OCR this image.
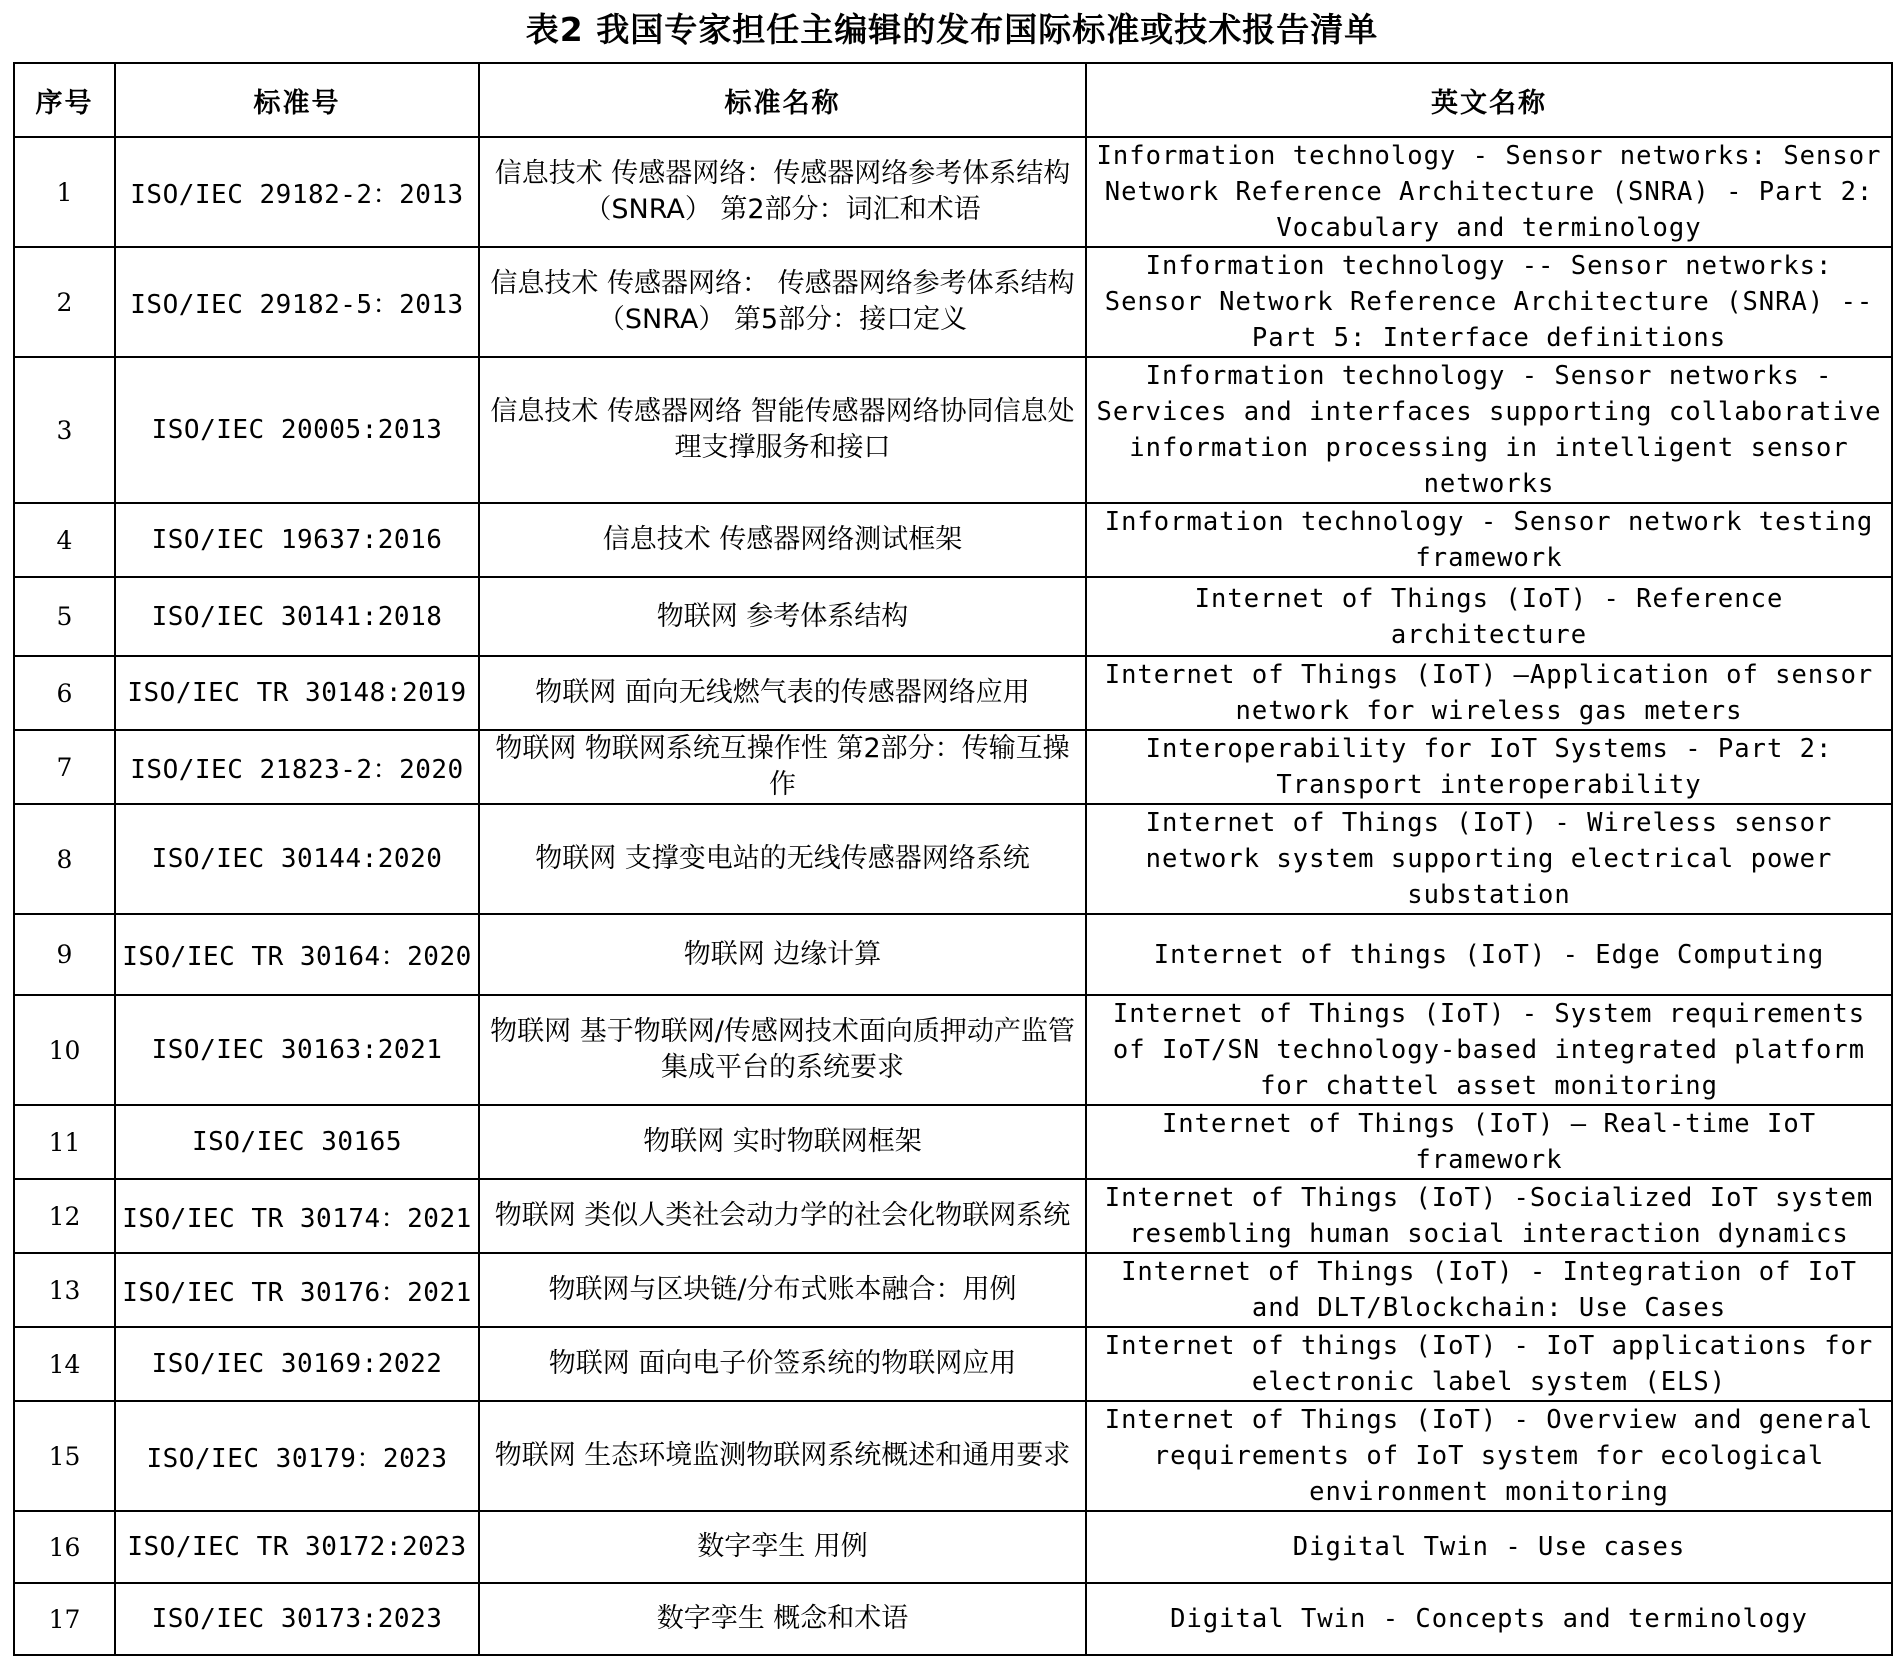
表2 我国专家担任主编辑的发布国际标准或技术报告清单
序号	标准号	标准名称	英文名称
1	ISO/IEC 29182-2：2013	信息技术 传感器网络：传感器网络参考体系结构（SNRA） 第2部分：词汇和术语	Information technology - Sensor networks: Sensor Network Reference Architecture (SNRA) - Part 2: Vocabulary and terminology
2	ISO/IEC 29182-5：2013	信息技术 传感器网络： 传感器网络参考体系结构（SNRA） 第5部分：接口定义	Information technology -- Sensor networks: Sensor Network Reference Architecture (SNRA) -- Part 5: Interface definitions
3	ISO/IEC 20005:2013	信息技术 传感器网络 智能传感器网络协同信息处理支撑服务和接口	Information technology - Sensor networks - Services and interfaces supporting collaborative information processing in intelligent sensor networks
4	ISO/IEC 19637:2016	信息技术 传感器网络测试框架	Information technology - Sensor network testing framework
5	ISO/IEC 30141:2018	物联网 参考体系结构	Internet of Things (IoT) - Reference architecture
6	ISO/IEC TR 30148:2019	物联网 面向无线燃气表的传感器网络应用	Internet of Things (IoT) —Application of sensor network for wireless gas meters
7	ISO/IEC 21823-2：2020	物联网 物联网系统互操作性 第2部分：传输互操作	Interoperability for IoT Systems - Part 2: Transport interoperability
8	ISO/IEC 30144:2020	物联网 支撑变电站的无线传感器网络系统	Internet of Things (IoT) - Wireless sensor network system supporting electrical power substation
9	ISO/IEC TR 30164：2020	物联网 边缘计算	Internet of things (IoT) - Edge Computing
10	ISO/IEC 30163:2021	物联网 基于物联网/传感网技术面向质押动产监管集成平台的系统要求	Internet of Things (IoT) - System requirements of IoT/SN technology-based integrated platform for chattel asset monitoring
11	ISO/IEC 30165	物联网 实时物联网框架	Internet of Things (IoT) — Real-time IoT framework
12	ISO/IEC TR 30174：2021	物联网 类似人类社会动力学的社会化物联网系统	Internet of Things (IoT) -Socialized IoT system resembling human social interaction dynamics
13	ISO/IEC TR 30176：2021	物联网与区块链/分布式账本融合：用例	Internet of Things (IoT) - Integration of IoT and DLT/Blockchain: Use Cases
14	ISO/IEC 30169:2022	物联网 面向电子价签系统的物联网应用	Internet of things (IoT) - IoT applications for electronic label system (ELS)
15	ISO/IEC 30179：2023	物联网 生态环境监测物联网系统概述和通用要求	Internet of Things (IoT) - Overview and general requirements of IoT system for ecological environment monitoring
16	ISO/IEC TR 30172:2023	数字孪生 用例	Digital Twin - Use cases
17	ISO/IEC 30173:2023	数字孪生 概念和术语	Digital Twin - Concepts and terminology
